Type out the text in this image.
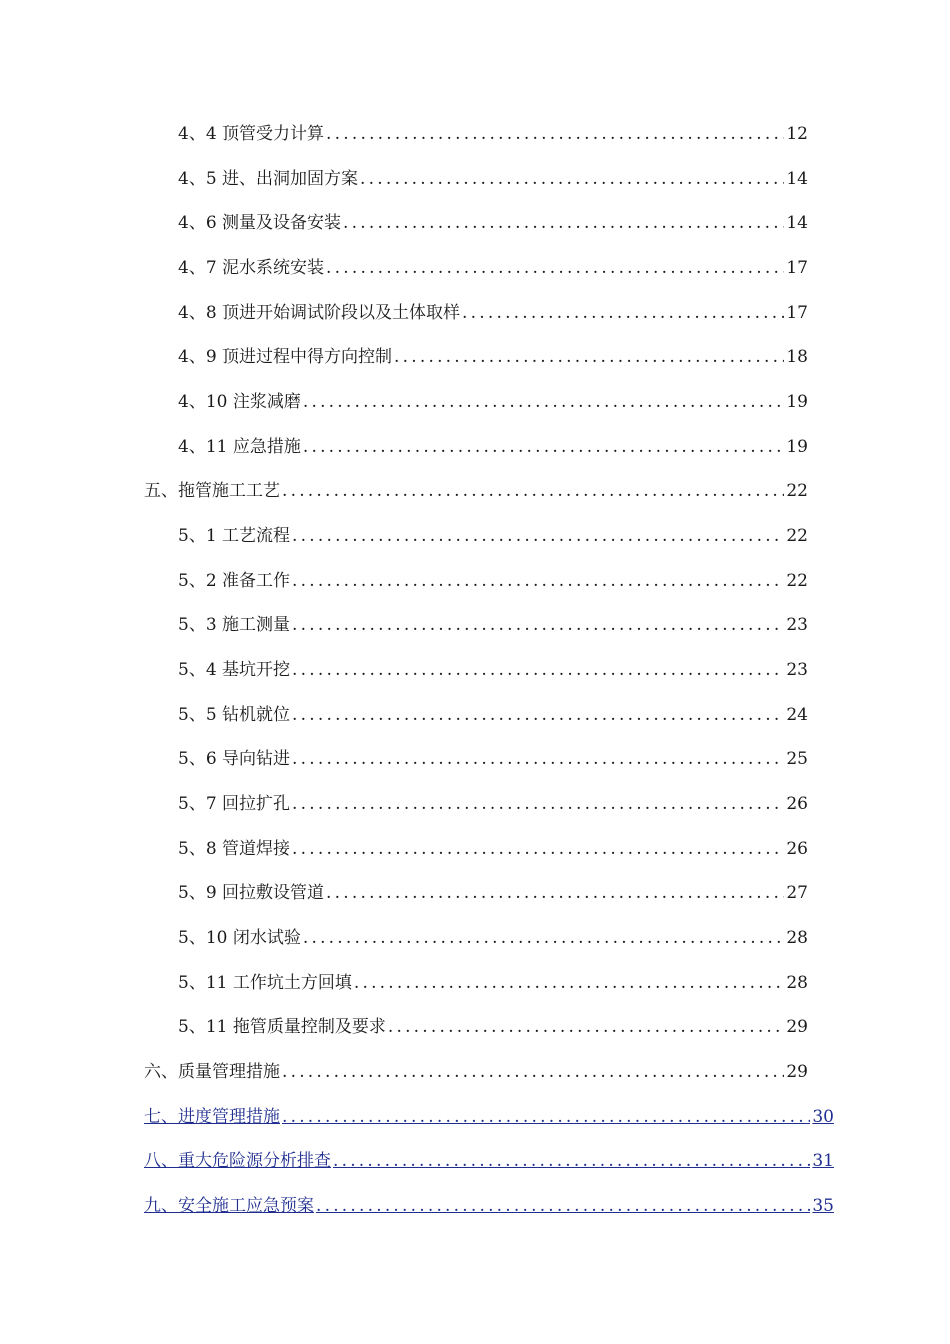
4、4 顶管受力计算 .....	12
4、5 进、出洞加固方案 .....	14
4、6 测量及设备安装 .....	14
4、7 泥水系统安装 .....	17
4、8 顶进开始调试阶段以及土体取样 .....	17
4、9 顶进过程中得方向控制 .....	18
4、10 注浆减磨 .....	19
4、11 应急措施 .....	19
五、拖管施工工艺 .....	22
5、1 工艺流程 .....	22
5、2 准备工作 .....	22
5、3 施工测量 .....	23
5、4 基坑开挖 .....	23
5、5 钻机就位 .....	24
5、6 导向钻进 .....	25
5、7 回拉扩孔 .....	26
5、8 管道焊接 .....	26
5、9 回拉敷设管道 .....	27
5、10 闭水试验 .....	28
5、11 工作坑土方回填 .....	28
5、11 拖管质量控制及要求 .....	29
六、质量管理措施 .....	29
七、进度管理措施 .....	30
八、重大危险源分析排查 .....	31
九、安全施工应急预案 .....	35
